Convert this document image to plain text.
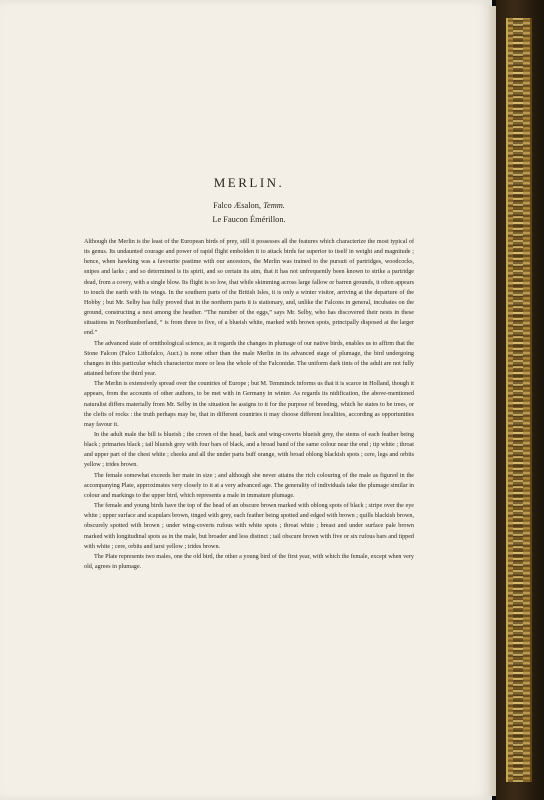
MERLIN.

Falco Æsalon, Temm.

Le Faucon Émérillon.

Although the Merlin is the least of the European birds of prey, still it possesses all the features which characterize the most typical of its genus. Its undaunted courage and power of rapid flight embolden it to attack birds far superior to itself in weight and magnitude ; hence, when hawking was a favourite pastime with our ancestors, the Merlin was trained to the pursuit of partridges, woodcocks, snipes and larks ; and so determined is its spirit, and so certain its aim, that it has not unfrequently been known to strike a partridge dead, from a covey, with a single blow. Its flight is so low, that while skimming across large fallow or barren grounds, it often appears to touch the earth with its wings. In the southern parts of the British Isles, it is only a winter visitor, arriving at the departure of the Hobby ; but Mr. Selby has fully proved that in the northern parts it is stationary, and, unlike the Falcons in general, incubates on the ground, constructing a nest among the heather. “The number of the eggs,” says Mr. Selby, who has discovered their nests in these situations in Northumberland, “ is from three to five, of a blueish white, marked with brown spots, principally disposed at the larger end.”

The advanced state of ornithological science, as it regards the changes in plumage of our native birds, enables us to affirm that the Stone Falcon (Falco Lithofalco, Auct.) is none other than the male Merlin in its advanced stage of plumage, the bird undergoing changes in this particular which characterize more or less the whole of the Falconidæ. The uniform dark tints of the adult are not fully attained before the third year.

The Merlin is extensively spread over the countries of Europe ; but M. Temminck informs us that it is scarce in Holland, though it appears, from the accounts of other authors, to be met with in Germany in winter. As regards its nidification, the above-mentioned naturalist differs materially from Mr. Selby in the situation he assigns to it for the purpose of breeding, which he states to be trees, or the clefts of rocks : the truth perhaps may be, that in different countries it may choose different localities, according as opportunities may favour it.

In the adult male the bill is blueish ; the crown of the head, back and wing-coverts blueish grey, the stems of each feather being black ; primaries black ; tail blueish grey with four bars of black, and a broad band of the same colour near the end ; tip white ; throat and upper part of the chest white ; cheeks and all the under parts buff orange, with broad oblong blackish spots ; cere, legs and orbits yellow ; irides brown.

The female somewhat exceeds her mate in size ; and although she never attains the rich colouring of the male as figured in the accompanying Plate, approximates very closely to it at a very advanced age. The generality of individuals take the plumage similar in colour and markings to the upper bird, which represents a male in immature plumage.

The female and young birds have the top of the head of an obscure brown marked with oblong spots of black ; stripe over the eye white ; upper surface and scapulars brown, tinged with grey, each feather being spotted and edged with brown ; quills blackish brown, obscurely spotted with brown ; under wing-coverts rufous with white spots ; throat white ; breast and under surface pale brown marked with longitudinal spots as in the male, but broader and less distinct ; tail obscure brown with five or six rufous bars and tipped with white ; cere, orbits and tarsi yellow ; irides brown.

The Plate represents two males, one the old bird, the other a young bird of the first year, with which the female, except when very old, agrees in plumage.
